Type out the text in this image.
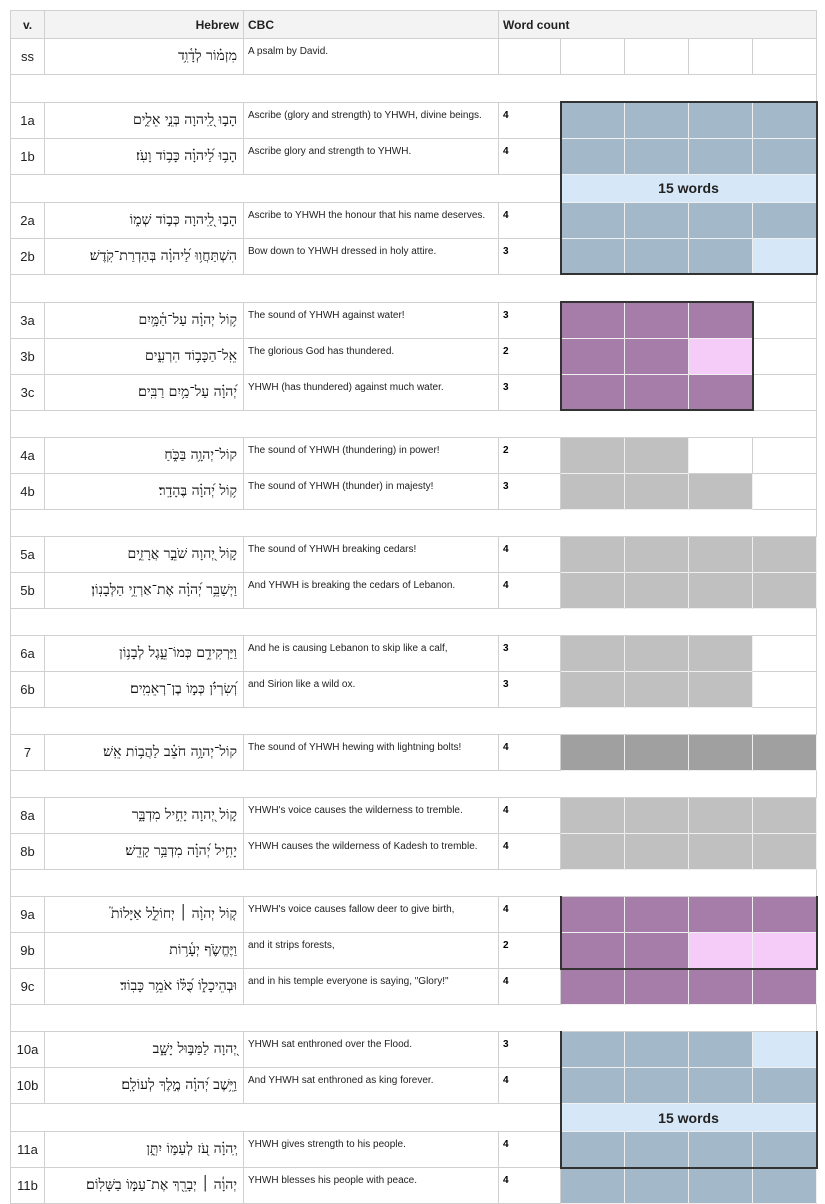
v.	Hebrew	CBC	Word count				
ss	מִזְמ֗וֹר לְדָ֫וִ֥ד	A psalm by David.					

1a	הָב֣וּ לַֽ֭יהוָה בְּנֵ֣י אֵלִ֑ים	Ascribe (glory and strength) to YHWH, divine beings.	4				
1b	הָב֥וּ לַ֝יהוָ֗ה כָּב֥וֹד וָעֹֽז׃	Ascribe glory and strength to YHWH.	4				
				15 words			
2a	הָב֣וּ לַֽ֭יהוָה כְּב֣וֹד שְׁמ֑וֹ	Ascribe to YHWH the honour that his name deserves.	4				
2b	הִשְׁתַּחֲו֥וּ לַ֝יהוָ֗ה בְּהַדְרַת־קֹֽדֶשׁ׃	Bow down to YHWH dressed in holy attire.	3				

3a	ק֥וֹל יְהוָ֗ה עַל־הַ֫מָּ֥יִם	The sound of YHWH against water!	3				
3b	אֵֽל־הַכָּב֥וֹד הִרְעִ֑ים	The glorious God has thundered.	2				
3c	יְ֝הוָ֗ה עַל־מַ֥יִם רַבִּֽים׃	YHWH (has thundered) against much water.	3				

4a	קוֹל־יְהוָ֥ה בַּכֹּ֑חַ	The sound of YHWH (thundering) in power!	2				
4b	ק֥וֹל יְ֝הוָ֗ה בֶּהָדָֽר׃	The sound of YHWH (thunder) in majesty!	3				

5a	ק֣וֹל יְ֭הוָה שֹׁבֵ֣ר אֲרָזִ֑ים	The sound of YHWH breaking cedars!	4				
5b	וַיְשַׁבֵּ֥ר יְ֝הוָ֗ה אֶת־אַרְזֵ֥י הַלְּבָנֽוֹן׃	And YHWH is breaking the cedars of Lebanon.	4				

6a	וַיַּרְקִידֵ֥ם כְּמוֹ־עֵ֑גֶל לְבָנ֥וֹן	And he is causing Lebanon to skip like a calf,	3				
6b	וְ֝שִׂרְיֹ֗ן כְּמ֣וֹ בֶן־רְאֵמִֽים׃	and Sirion like a wild ox.	3				

7	קוֹל־יְהוָ֥ה חֹצֵ֗ב לַהֲב֥וֹת אֵֽשׁ׃	The sound of YHWH hewing with lightning bolts!	4				

8a	ק֣וֹל יְ֭הוָה יָחִ֣יל מִדְבָּ֑ר	YHWH's voice causes the wilderness to tremble.	4				
8b	יָחִ֥יל יְ֝הוָ֗ה מִדְבַּ֥ר קָדֵֽשׁ׃	YHWH causes the wilderness of Kadesh to tremble.	4				

9a	ק֤וֹל יְהוָ֨ה ׀ יְחוֹלֵ֣ל אַיָּלוֹת֮	YHWH's voice causes fallow deer to give birth,	4				
9b	וַיֶּחֱשֹׂ֪ף יְעָ֫ר֥וֹת	and it strips forests,	2				
9c	וּבְהֵיכָל֑וֹ כֻּ֝לּ֗וֹ אֹמֵ֥ר כָּבֽוֹד׃	and in his temple everyone is saying, "Glory!"	4				

10a	יְ֭הוָה לַמַּבּ֣וּל יָשָׁ֑ב	YHWH sat enthroned over the Flood.	3				
10b	וַיֵּ֥שֶׁב יְ֝הוָ֗ה מֶ֣לֶךְ לְעוֹלָֽם׃	And YHWH sat enthroned as king forever.	4				
				15 words			
11a	יְֽהוָ֗ה עֹ֭ז לְעַמּ֣וֹ יִתֵּ֑ן	YHWH gives strength to his people.	4				
11b	יְהוָ֓ה ׀ יְבָרֵ֖ךְ אֶת־עַמּ֣וֹ בַשָּׁלֽוֹם׃	YHWH blesses his people with peace.	4				
